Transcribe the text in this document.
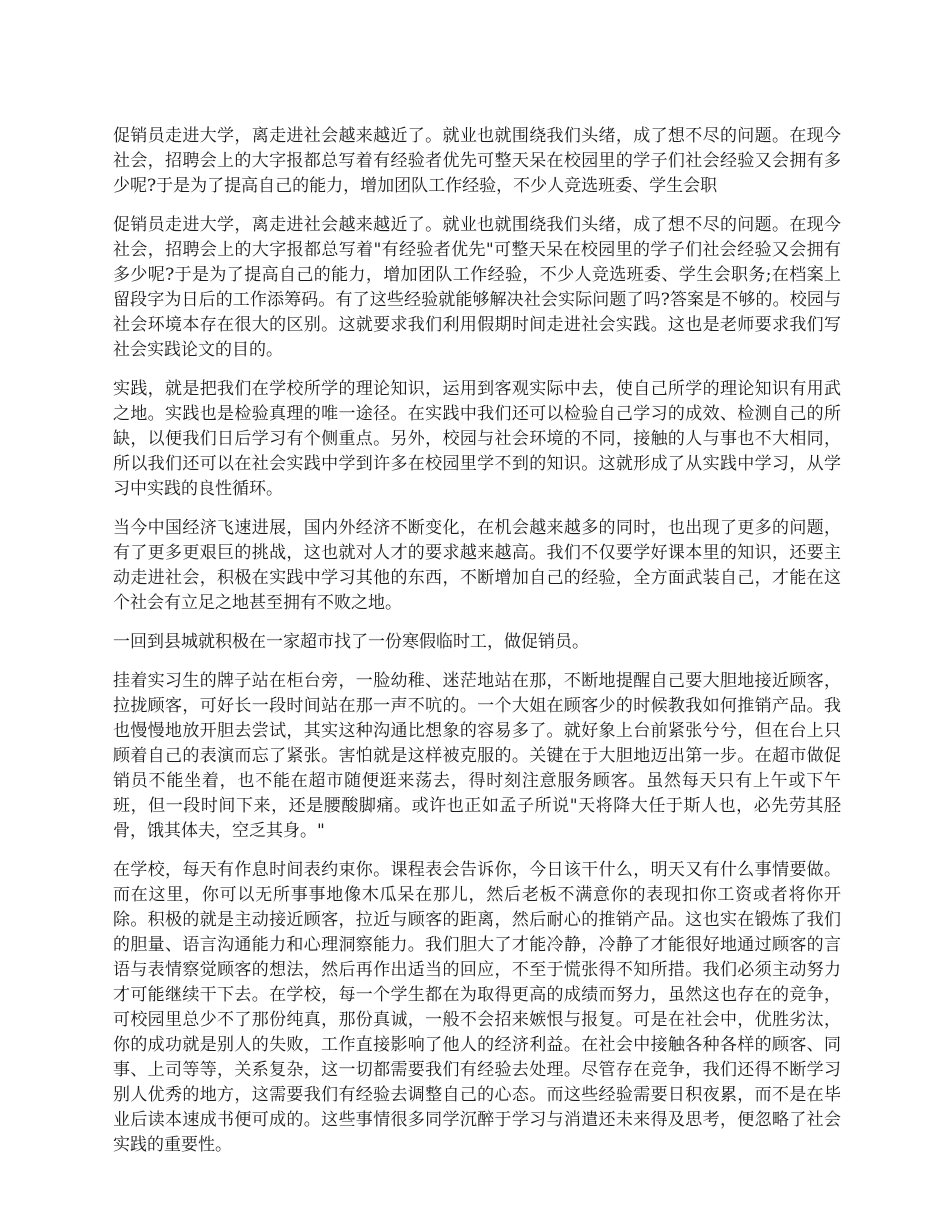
促销员走进大学，离走进社会越来越近了。就业也就围绕我们头绪，成了想不尽的问题。在现今社会，招聘会上的大字报都总写着有经验者优先可整天呆在校园里的学子们社会经验又会拥有多少呢?于是为了提高自己的能力，增加团队工作经验，不少人竞选班委、学生会职

促销员走进大学，离走进社会越来越近了。就业也就围绕我们头绪，成了想不尽的问题。在现今社会，招聘会上的大字报都总写着"有经验者优先"可整天呆在校园里的学子们社会经验又会拥有多少呢?于是为了提高自己的能力，增加团队工作经验，不少人竞选班委、学生会职务;在档案上留段字为日后的工作添筹码。有了这些经验就能够解决社会实际问题了吗?答案是不够的。校园与社会环境本存在很大的区别。这就要求我们利用假期时间走进社会实践。这也是老师要求我们写社会实践论文的目的。

实践，就是把我们在学校所学的理论知识，运用到客观实际中去，使自己所学的理论知识有用武之地。实践也是检验真理的唯一途径。在实践中我们还可以检验自己学习的成效、检测自己的所缺，以便我们日后学习有个侧重点。另外，校园与社会环境的不同，接触的人与事也不大相同，所以我们还可以在社会实践中学到许多在校园里学不到的知识。这就形成了从实践中学习，从学习中实践的良性循环。

当今中国经济飞速进展，国内外经济不断变化，在机会越来越多的同时，也出现了更多的问题，有了更多更艰巨的挑战，这也就对人才的要求越来越高。我们不仅要学好课本里的知识，还要主动走进社会，积极在实践中学习其他的东西，不断增加自己的经验，全方面武装自己，才能在这个社会有立足之地甚至拥有不败之地。

一回到县城就积极在一家超市找了一份寒假临时工，做促销员。

挂着实习生的牌子站在柜台旁，一脸幼稚、迷茫地站在那，不断地提醒自己要大胆地接近顾客，拉拢顾客，可好长一段时间站在那一声不吭的。一个大姐在顾客少的时候教我如何推销产品。我也慢慢地放开胆去尝试，其实这种沟通比想象的容易多了。就好象上台前紧张兮兮，但在台上只顾着自己的表演而忘了紧张。害怕就是这样被克服的。关键在于大胆地迈出第一步。在超市做促销员不能坐着，也不能在超市随便逛来荡去，得时刻注意服务顾客。虽然每天只有上午或下午班，但一段时间下来，还是腰酸脚痛。或许也正如孟子所说"天将降大任于斯人也，必先劳其胫骨，饿其体夫，空乏其身。"

在学校，每天有作息时间表约束你。课程表会告诉你，今日该干什么，明天又有什么事情要做。而在这里，你可以无所事事地像木瓜呆在那儿，然后老板不满意你的表现扣你工资或者将你开除。积极的就是主动接近顾客，拉近与顾客的距离，然后耐心的推销产品。这也实在锻炼了我们的胆量、语言沟通能力和心理洞察能力。我们胆大了才能冷静，冷静了才能很好地通过顾客的言语与表情察觉顾客的想法，然后再作出适当的回应，不至于慌张得不知所措。我们必须主动努力才可能继续干下去。在学校，每一个学生都在为取得更高的成绩而努力，虽然这也存在的竞争，可校园里总少不了那份纯真，那份真诚，一般不会招来嫉恨与报复。可是在社会中，优胜劣汰，你的成功就是别人的失败，工作直接影响了他人的经济利益。在社会中接触各种各样的顾客、同事、上司等等，关系复杂，这一切都需要我们有经验去处理。尽管存在竞争，我们还得不断学习别人优秀的地方，这需要我们有经验去调整自己的心态。而这些经验需要日积夜累，而不是在毕业后读本速成书便可成的。这些事情很多同学沉醉于学习与消遣还未来得及思考，便忽略了社会实践的重要性。
